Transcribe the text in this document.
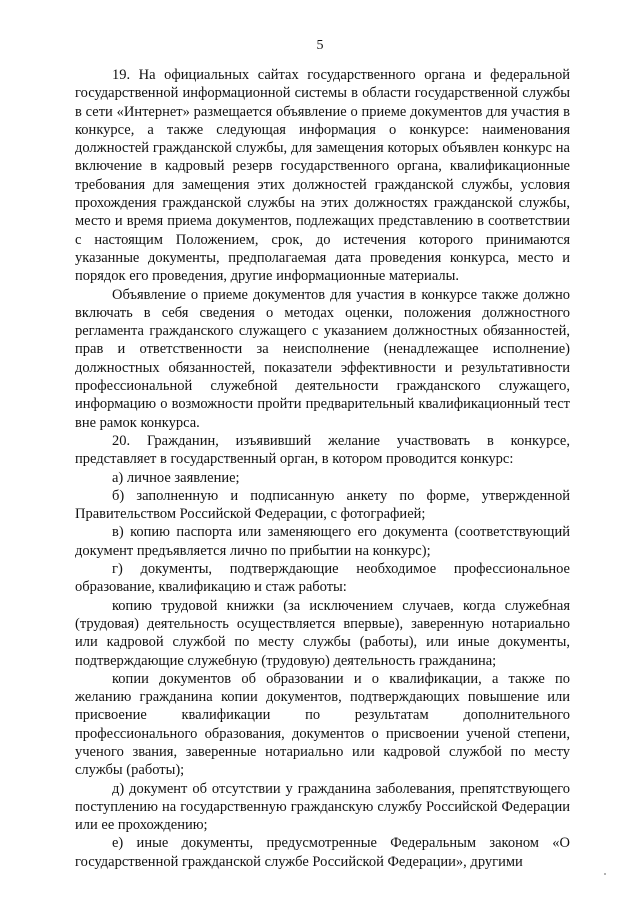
5

19. На официальных сайтах государственного органа и федеральной государственной информационной системы в области государственной службы в сети «Интернет» размещается объявление о приеме документов для участия в конкурсе, а также следующая информация о конкурсе: наименования должностей гражданской службы, для замещения которых объявлен конкурс на включение в кадровый резерв государственного органа, квалификационные требования для замещения этих должностей гражданской службы, условия прохождения гражданской службы на этих должностях гражданской службы, место и время приема документов, подлежащих представлению в соответствии с настоящим Положением, срок, до истечения которого принимаются указанные документы, предполагаемая дата проведения конкурса, место и порядок его проведения, другие информационные материалы.

Объявление о приеме документов для участия в конкурсе также должно включать в себя сведения о методах оценки, положения должностного регламента гражданского служащего с указанием должностных обязанностей, прав и ответственности за неисполнение (ненадлежащее исполнение) должностных обязанностей, показатели эффективности и результативности профессиональной служебной деятельности гражданского служащего, информацию о возможности пройти предварительный квалификационный тест вне рамок конкурса.

20. Гражданин, изъявивший желание участвовать в конкурсе, представляет в государственный орган, в котором проводится конкурс:

а) личное заявление;

б) заполненную и подписанную анкету по форме, утвержденной Правительством Российской Федерации, с фотографией;

в) копию паспорта или заменяющего его документа (соответствующий документ предъявляется лично по прибытии на конкурс);

г) документы, подтверждающие необходимое профессиональное образование, квалификацию и стаж работы:

копию трудовой книжки (за исключением случаев, когда служебная (трудовая) деятельность осуществляется впервые), заверенную нотариально или кадровой службой по месту службы (работы), или иные документы, подтверждающие служебную (трудовую) деятельность гражданина;

копии документов об образовании и о квалификации, а также по желанию гражданина копии документов, подтверждающих повышение или присвоение квалификации по результатам дополнительного профессионального образования, документов о присвоении ученой степени, ученого звания, заверенные нотариально или кадровой службой по месту службы (работы);

д) документ об отсутствии у гражданина заболевания, препятствующего поступлению на государственную гражданскую службу Российской Федерации или ее прохождению;

е) иные документы, предусмотренные Федеральным законом «О государственной гражданской службе Российской Федерации», другими
